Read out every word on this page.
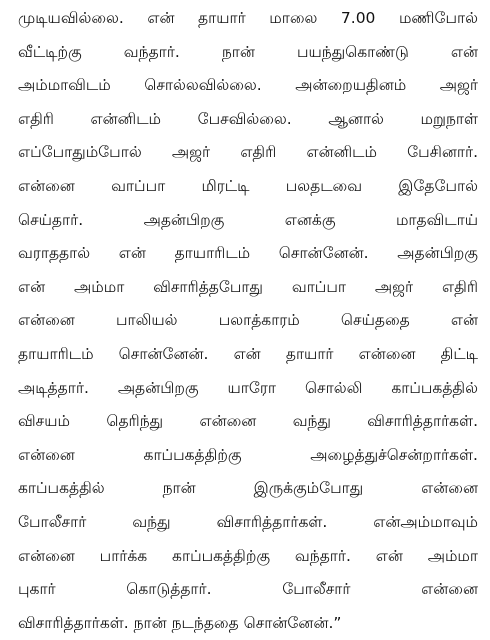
முடியவில்லை. என் தாயார் மாலை 7.00 மணிபோல்
வீட்டிற்கு வந்தார். நான் பயந்துகொண்டு என்
அம்மாவிடம் சொல்லவில்லை. அன்றையதினம் அஜர்
எதிரி என்னிடம் பேசவில்லை. ஆனால் மறுநாள்
எப்போதும்போல் அஜர் எதிரி என்னிடம் பேசினார்.
என்னை வாப்பா மிரட்டி பலதடவை இதேபோல்
செய்தார். அதன்பிறகு எனக்கு மாதவிடாய்
வராததால் என் தாயாரிடம் சொன்னேன். அதன்பிறகு
என் அம்மா விசாரித்தபோது வாப்பா அஜர் எதிரி
என்னை பாலியல் பலாத்காரம் செய்ததை என்
தாயாரிடம் சொன்னேன். என் தாயார் என்னை திட்டி
அடித்தார். அதன்பிறகு யாரோ சொல்லி காப்பகத்தில்
விசயம் தெரிந்து என்னை வந்து விசாரித்தார்கள்.
என்னை காப்பகத்திற்கு அழைத்துச்சென்றார்கள்.
காப்பகத்தில் நான் இருக்கும்போது என்னை
போலீசார் வந்து விசாரித்தார்கள். என்அம்மாவும்
என்னை பார்க்க காப்பகத்திற்கு வந்தார். என் அம்மா
புகார் கொடுத்தார். போலீசார் என்னை
விசாரித்தார்கள். நான் நடந்ததை சொன்னேன்.”
